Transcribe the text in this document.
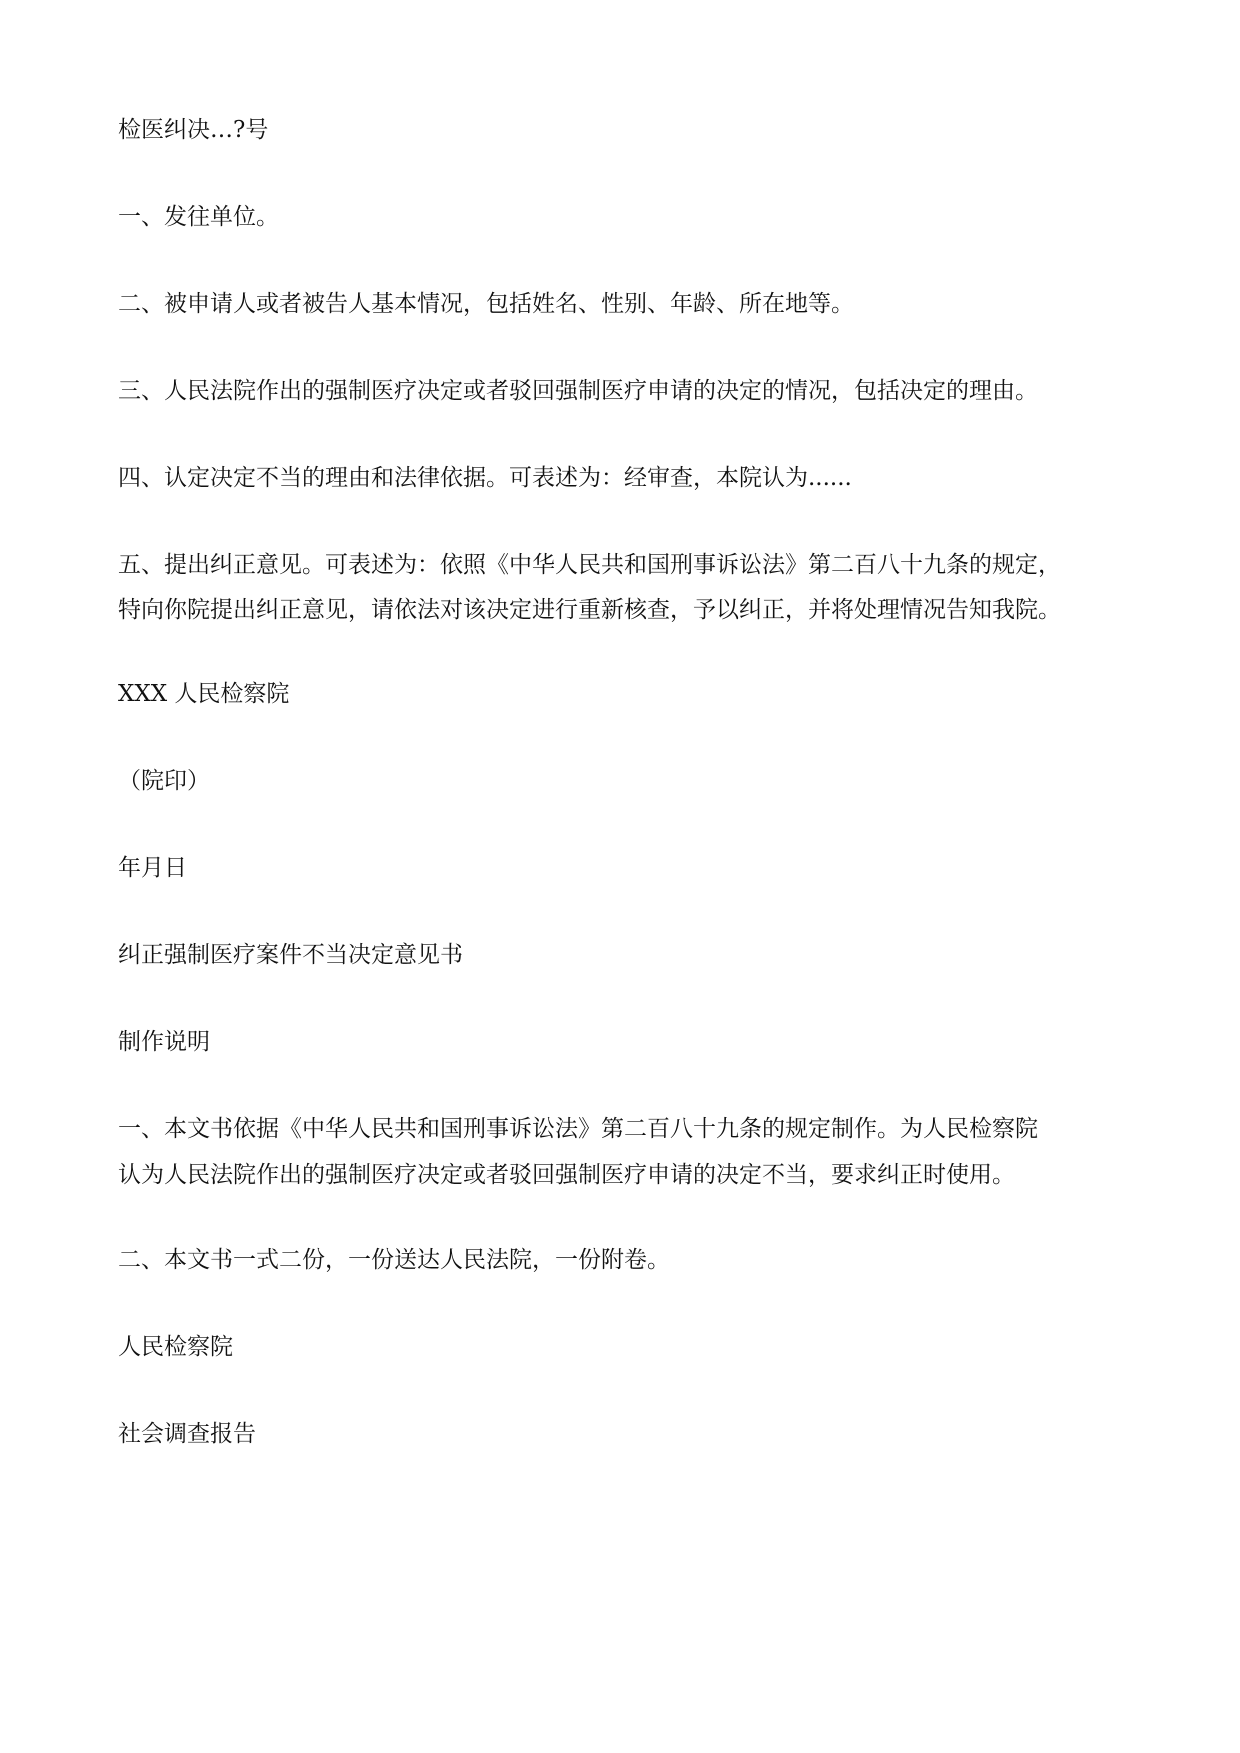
检医纠决…?号

一、发往单位。

二、被申请人或者被告人基本情况，包括姓名、性别、年龄、所在地等。

三、人民法院作出的强制医疗决定或者驳回强制医疗申请的决定的情况，包括决定的理由。

四、认定决定不当的理由和法律依据。可表述为：经审查，本院认为......

五、提出纠正意见。可表述为：依照《中华人民共和国刑事诉讼法》第二百八十九条的规定，

特向你院提出纠正意见，请依法对该决定进行重新核查，予以纠正，并将处理情况告知我院。

XXX 人民检察院

（院印）

年月日

纠正强制医疗案件不当决定意见书

制作说明

一、本文书依据《中华人民共和国刑事诉讼法》第二百八十九条的规定制作。为人民检察院

认为人民法院作出的强制医疗决定或者驳回强制医疗申请的决定不当，要求纠正时使用。

二、本文书一式二份，一份送达人民法院，一份附卷。

人民检察院

社会调查报告
